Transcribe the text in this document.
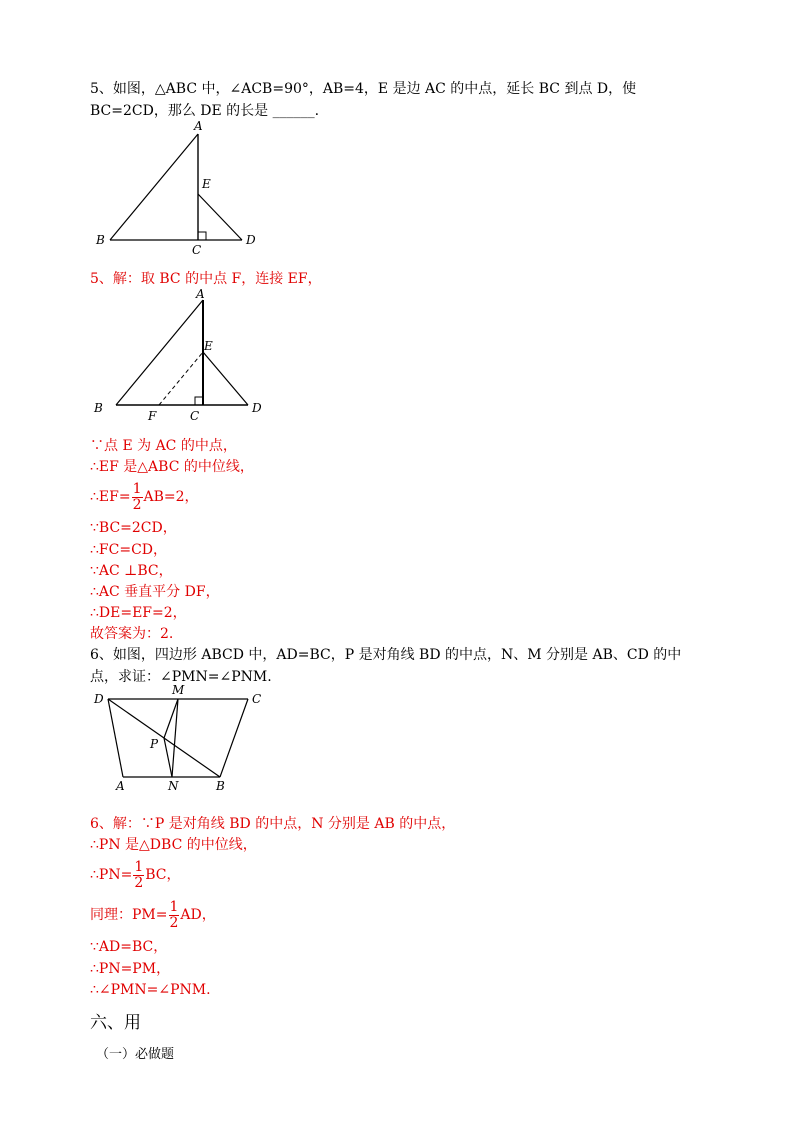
5、如图，△ABC 中，∠ACB=90°，AB=4，E 是边 AC 的中点，延长 BC 到点 D，使
BC=2CD，那么 DE 的长是 ______.
A
E
B
C
D
5、解：取 BC 的中点 F，连接 EF，
A
E
B
F	C
D
∵点 E 为 AC 的中点，
∴EF 是△ABC 的中位线，
∴EF= $\frac{1}{2} AB=2$，
∵BC=2CD，
∴FC=CD，
∵AC ⊥BC，
∴AC 垂直平分 DF，
∴DE=EF=2，
故答案为：2.
6、如图，四边形 ABCD 中，AD=BC，P 是对角线 BD 的中点，N、M 分别是 AB、CD 的中
点，求证：∠PMN=∠PNM.
D
M
C
P
A	N	B
6、解：∵P 是对角线 BD 的中点，N 分别是 AB 的中点，
∴PN 是△DBC 的中位线，
∴PN= $\frac{1}{2}$ BC，
同理：$PM= \frac{1}{2}$ AD，
∵AD=BC，
∴PN=PM，
∴∠PMN=∠PNM.
六、用
（一）必做题
